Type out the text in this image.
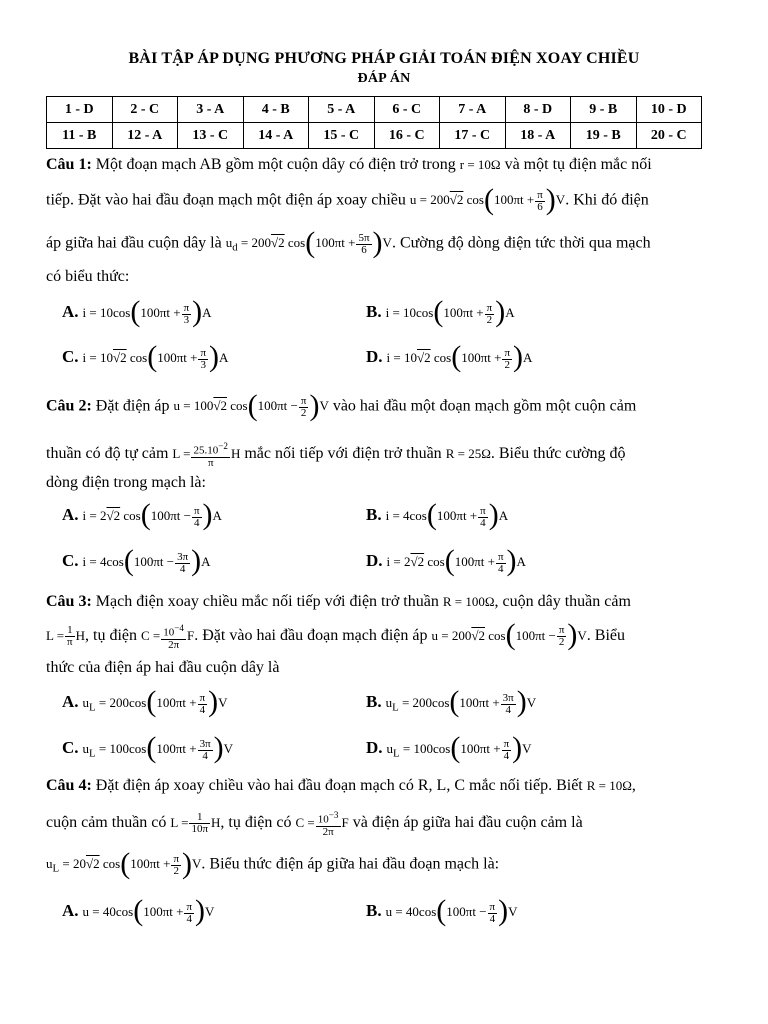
BÀI TẬP ÁP DỤNG PHƯƠNG PHÁP GIẢI TOÁN ĐIỆN XOAY CHIỀU
ĐÁP ÁN
1 - D	2 - C	3 - A	4 - B	5 - A	6 - C	7 - A	8 - D	9 - B	10 - D
11 - B	12 - A	13 - C	14 - A	15 - C	16 - C	17 - C	18 - A	19 - B	20 - C
Câu 1: Một đoạn mạch AB gồm một cuộn dây có điện trở trong r = 10Ω và một tụ điện mắc nối
tiếp. Đặt vào hai đầu đoạn mạch một điện áp xoay chiều u = 200√2 $\cos(100\pi t + \frac{\pi}{6} )V$. Khi đó điện
áp giữa hai đầu cuộn dây là $u_d = 200√2$ $\cos(100\pi t + \frac{5\pi}{6} )V$. Cường độ dòng điện tức thời qua mạch
có biểu thức:
A. $i = 10\cos(100\pi t + \frac{\pi}{3} )A$	B. $i = 10\cos(100\pi t + \frac{\pi}{2} )A$
C. i = 10√2 $\cos(100\pi t + \frac{\pi}{3} )A$	D. i = 10√2 $\cos(100\pi t + \frac{\pi}{2} )A$
Câu 2: Đặt điện áp u = 100√2 $\cos(100\pi t - \frac{\pi}{2} )V$ vào hai đầu một đoạn mạch gồm một cuộn cảm
thuần có độ tự cảm $L = \frac{25.10^{-2}}{\pi}$ H mắc nối tiếp với điện trở thuần R = 25Ω. Biểu thức cường độ
dòng điện trong mạch là:
A. i = 2√2 $\cos(100\pi t - \frac{\pi}{4} )A$	B. $i = 4\cos(100\pi t + \frac{\pi}{4} )A$
C. $i = 4\cos(100\pi t - \frac{3\pi}{4} )A$	D. i = 2√2 $\cos(100\pi t + \frac{\pi}{4} )A$
Câu 3: Mạch điện xoay chiều mắc nối tiếp với điện trở thuần R = 100Ω, cuộn dây thuần cảm
$L = \frac{1}{\pi} H$, tụ điện $C = \frac{10^{-4}}{2\pi} F$. Đặt vào hai đầu đoạn mạch điện áp u = 200√2 $\cos(100\pi t - \frac{\pi}{2} )V$. Biểu
thức của điện áp hai đầu cuộn dây là
A. $u_L = 200\cos(100\pi t + \frac{\pi}{4} )V$	B. $u_L = 200\cos(100\pi t + \frac{3\pi}{4} )V$
C. $u_L = 100\cos(100\pi t + \frac{3\pi}{4} )V$	D. $u_L = 100\cos(100\pi t + \frac{\pi}{4} )V$
Câu 4: Đặt điện áp xoay chiều vào hai đầu đoạn mạch có R, L, C mắc nối tiếp. Biết R = 10Ω,
cuộn cảm thuần có $L = \frac{1}{10\pi} H$, tụ điện có $C = \frac{10^{-3}}{2\pi}$ F và điện áp giữa hai đầu cuộn cảm là
$u_L = 20√2$ $\cos(100\pi t + \frac{\pi}{2} )V$. Biểu thức điện áp giữa hai đầu đoạn mạch là:
A. $u = 40\cos(100\pi t + \frac{\pi}{4} )V$	B. $u = 40\cos(100\pi t - \frac{\pi}{4} )V$
